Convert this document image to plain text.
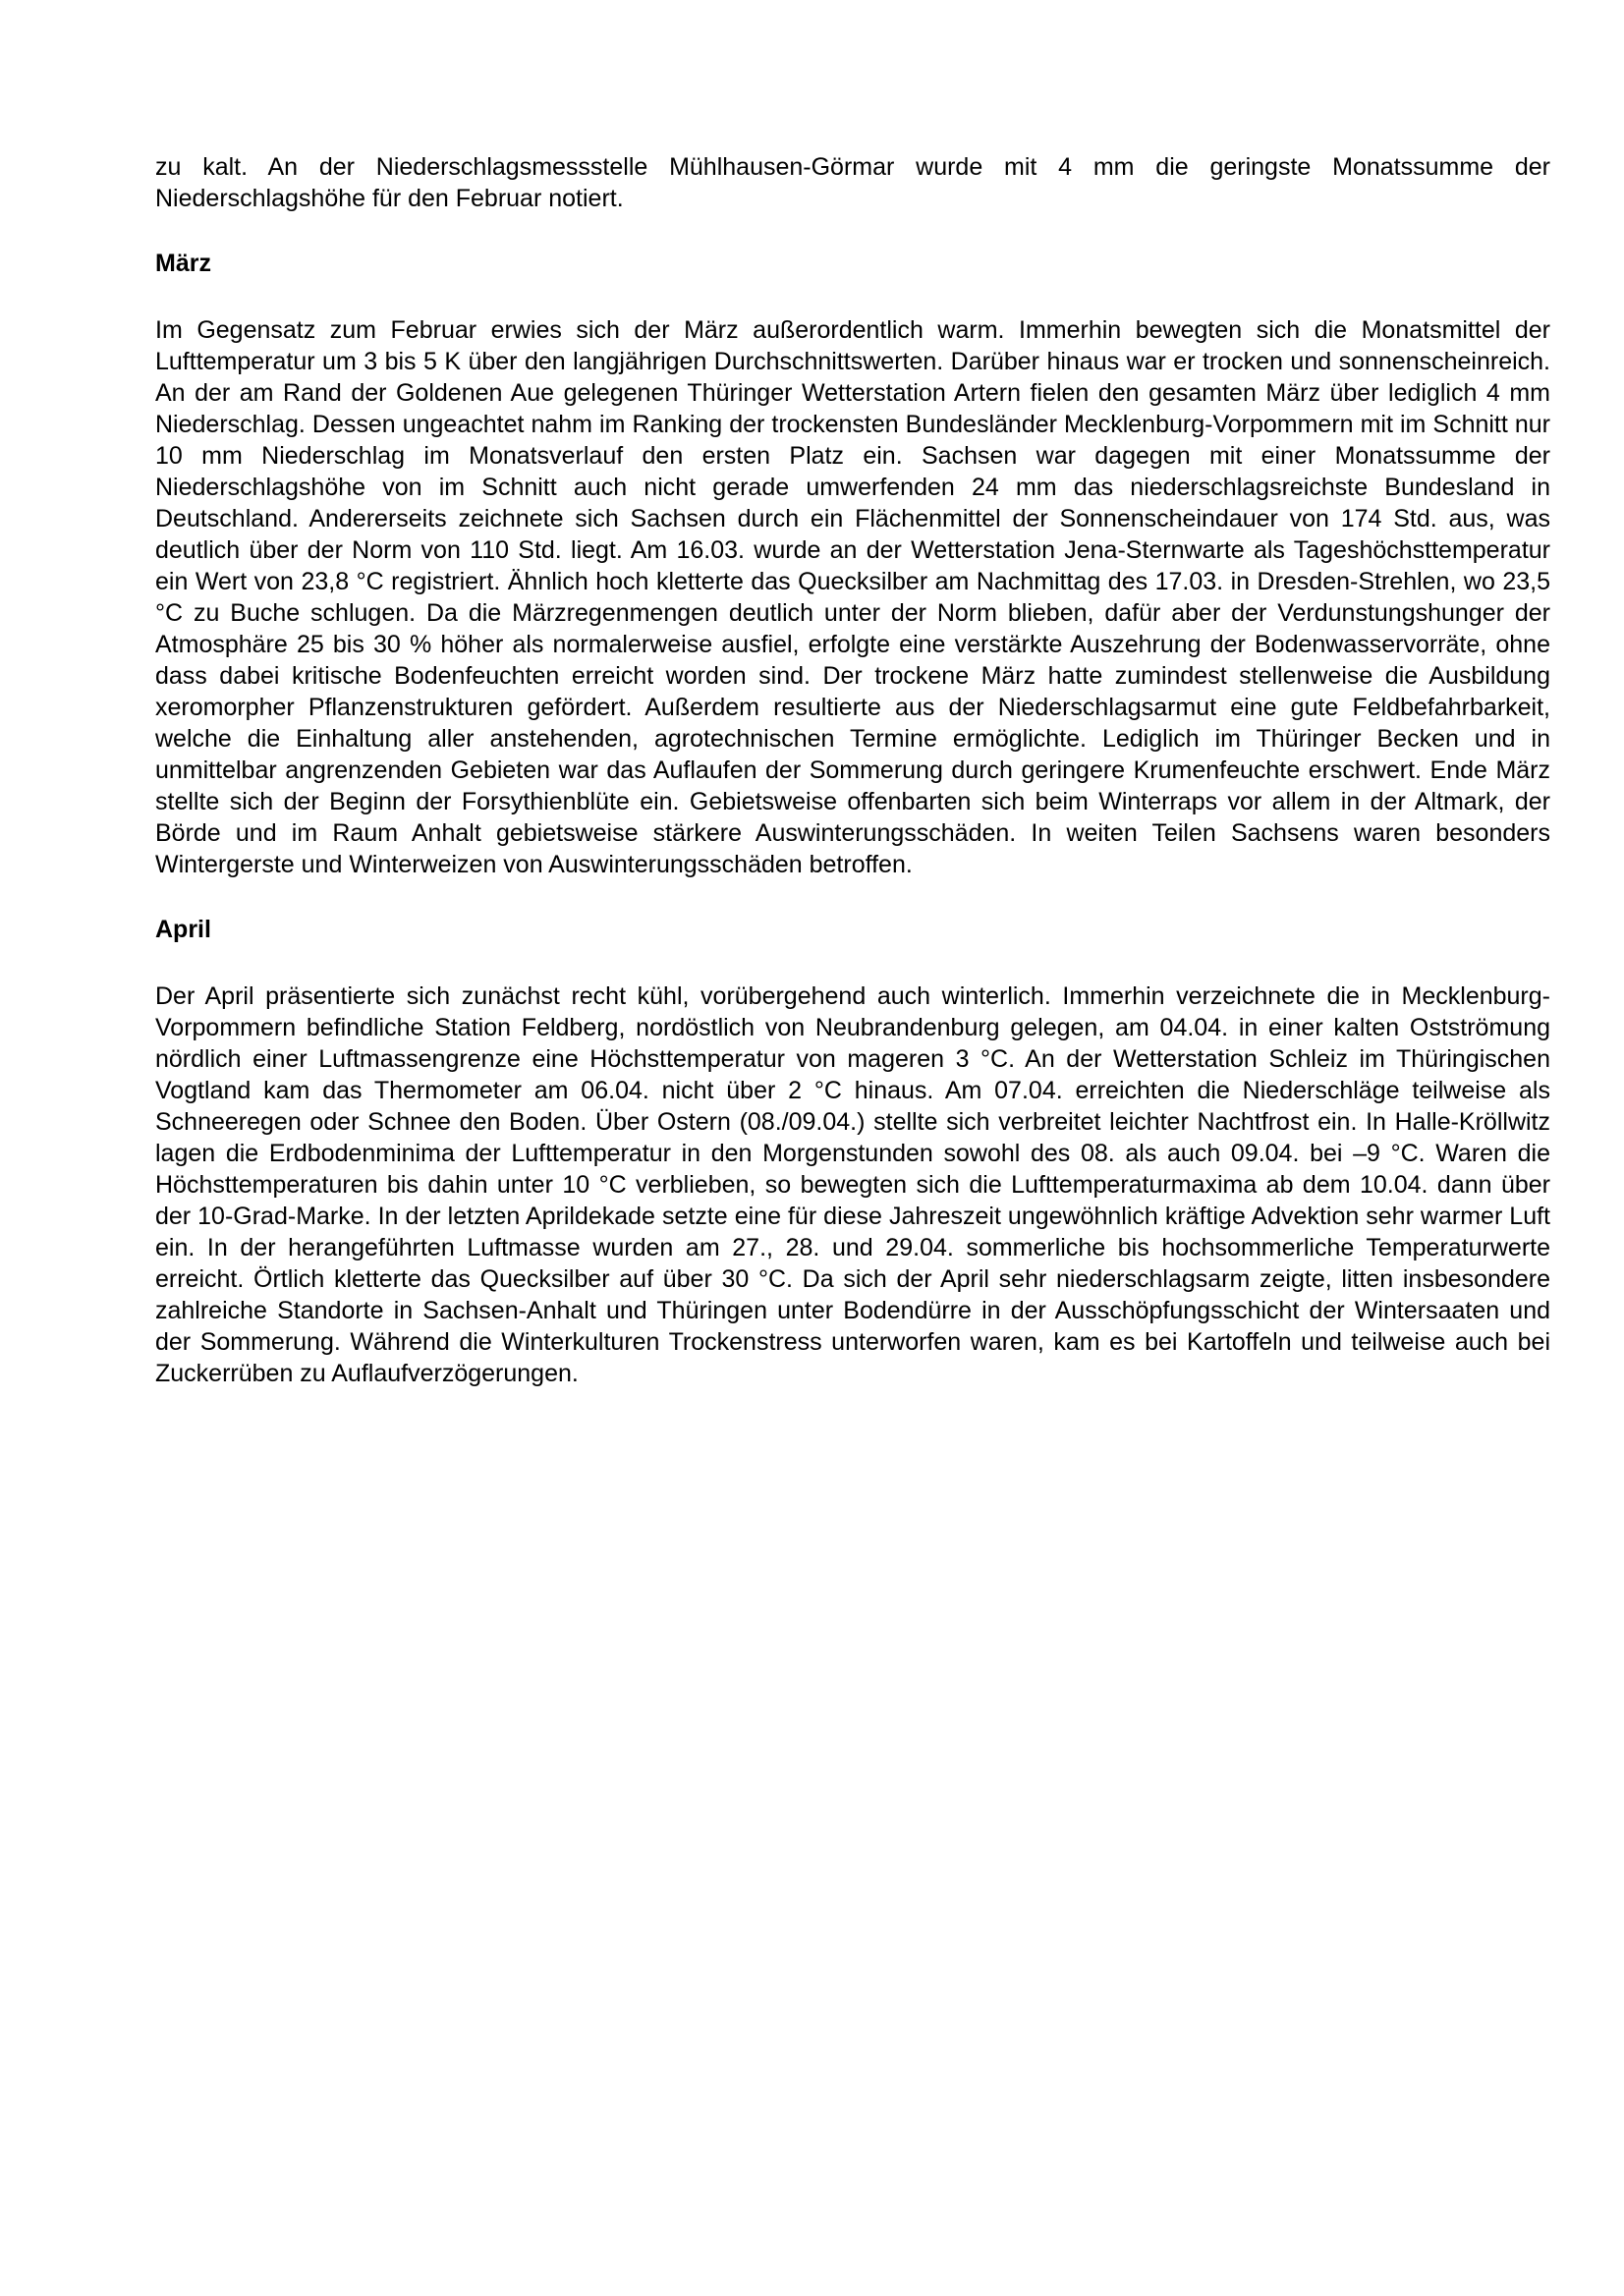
zu kalt. An der Niederschlagsmessstelle Mühlhausen-Görmar wurde mit 4 mm die geringste Monatssumme der Niederschlagshöhe für den Februar notiert.

März

Im Gegensatz zum Februar erwies sich der März außerordentlich warm. Immerhin bewegten sich die Monatsmittel der Lufttemperatur um 3 bis 5 K über den langjährigen Durchschnittswerten. Darüber hinaus war er trocken und sonnenscheinreich. An der am Rand der Goldenen Aue gelegenen Thüringer Wetterstation Artern fielen den gesamten März über lediglich 4 mm Niederschlag. Dessen ungeachtet nahm im Ranking der trockensten Bundesländer Mecklenburg-Vorpommern mit im Schnitt nur 10 mm Niederschlag im Monatsverlauf den ersten Platz ein. Sachsen war dagegen mit einer Monatssumme der Niederschlagshöhe von im Schnitt auch nicht gerade umwerfenden 24 mm das niederschlagsreichste Bundesland in Deutschland. Andererseits zeichnete sich Sachsen durch ein Flächenmittel der Sonnenscheindauer von 174 Std. aus, was deutlich über der Norm von 110 Std. liegt. Am 16.03. wurde an der Wetterstation Jena-Sternwarte als Tageshöchsttemperatur ein Wert von 23,8 °C registriert. Ähnlich hoch kletterte das Quecksilber am Nachmittag des 17.03. in Dresden-Strehlen, wo 23,5 °C zu Buche schlugen. Da die Märzregenmengen deutlich unter der Norm blieben, dafür aber der Verdunstungshunger der Atmosphäre 25 bis 30 % höher als normalerweise ausfiel, erfolgte eine verstärkte Auszehrung der Bodenwasservorräte, ohne dass dabei kritische Bodenfeuchten erreicht worden sind. Der trockene März hatte zumindest stellenweise die Ausbildung xeromorpher Pflanzenstrukturen gefördert. Außerdem resultierte aus der Niederschlagsarmut eine gute Feldbefahrbarkeit, welche die Einhaltung aller anstehenden, agrotechnischen Termine ermöglichte. Lediglich im Thüringer Becken und in unmittelbar angrenzenden Gebieten war das Auflaufen der Sommerung durch geringere Krumenfeuchte erschwert. Ende März stellte sich der Beginn der Forsythienblüte ein. Gebietsweise offenbarten sich beim Winterraps vor allem in der Altmark, der Börde und im Raum Anhalt gebietsweise stärkere Auswinterungsschäden. In weiten Teilen Sachsens waren besonders Wintergerste und Winterweizen von Auswinterungsschäden betroffen.

April

Der April präsentierte sich zunächst recht kühl, vorübergehend auch winterlich. Immerhin verzeichnete die in Mecklenburg-Vorpommern befindliche Station Feldberg, nordöstlich von Neubrandenburg gelegen, am 04.04. in einer kalten Ostströmung nördlich einer Luftmassengrenze eine Höchsttemperatur von mageren 3 °C. An der Wetterstation Schleiz im Thüringischen Vogtland kam das Thermometer am 06.04. nicht über 2 °C hinaus. Am 07.04. erreichten die Niederschläge teilweise als Schneeregen oder Schnee den Boden. Über Ostern (08./09.04.) stellte sich verbreitet leichter Nachtfrost ein. In Halle-Kröllwitz lagen die Erdbodenminima der Lufttemperatur in den Morgenstunden sowohl des 08. als auch 09.04. bei –9 °C. Waren die Höchsttemperaturen bis dahin unter 10 °C verblieben, so bewegten sich die Lufttemperaturmaxima ab dem 10.04. dann über der 10-Grad-Marke. In der letzten Aprildekade setzte eine für diese Jahreszeit ungewöhnlich kräftige Advektion sehr warmer Luft ein. In der herangeführten Luftmasse wurden am 27., 28. und 29.04. sommerliche bis hochsommerliche Temperaturwerte erreicht. Örtlich kletterte das Quecksilber auf über 30 °C. Da sich der April sehr niederschlagsarm zeigte, litten insbesondere zahlreiche Standorte in Sachsen-Anhalt und Thüringen unter Bodendürre in der Ausschöpfungsschicht der Wintersaaten und der Sommerung. Während die Winterkulturen Trockenstress unterworfen waren, kam es bei Kartoffeln und teilweise auch bei Zuckerrüben zu Auflaufverzögerungen.
